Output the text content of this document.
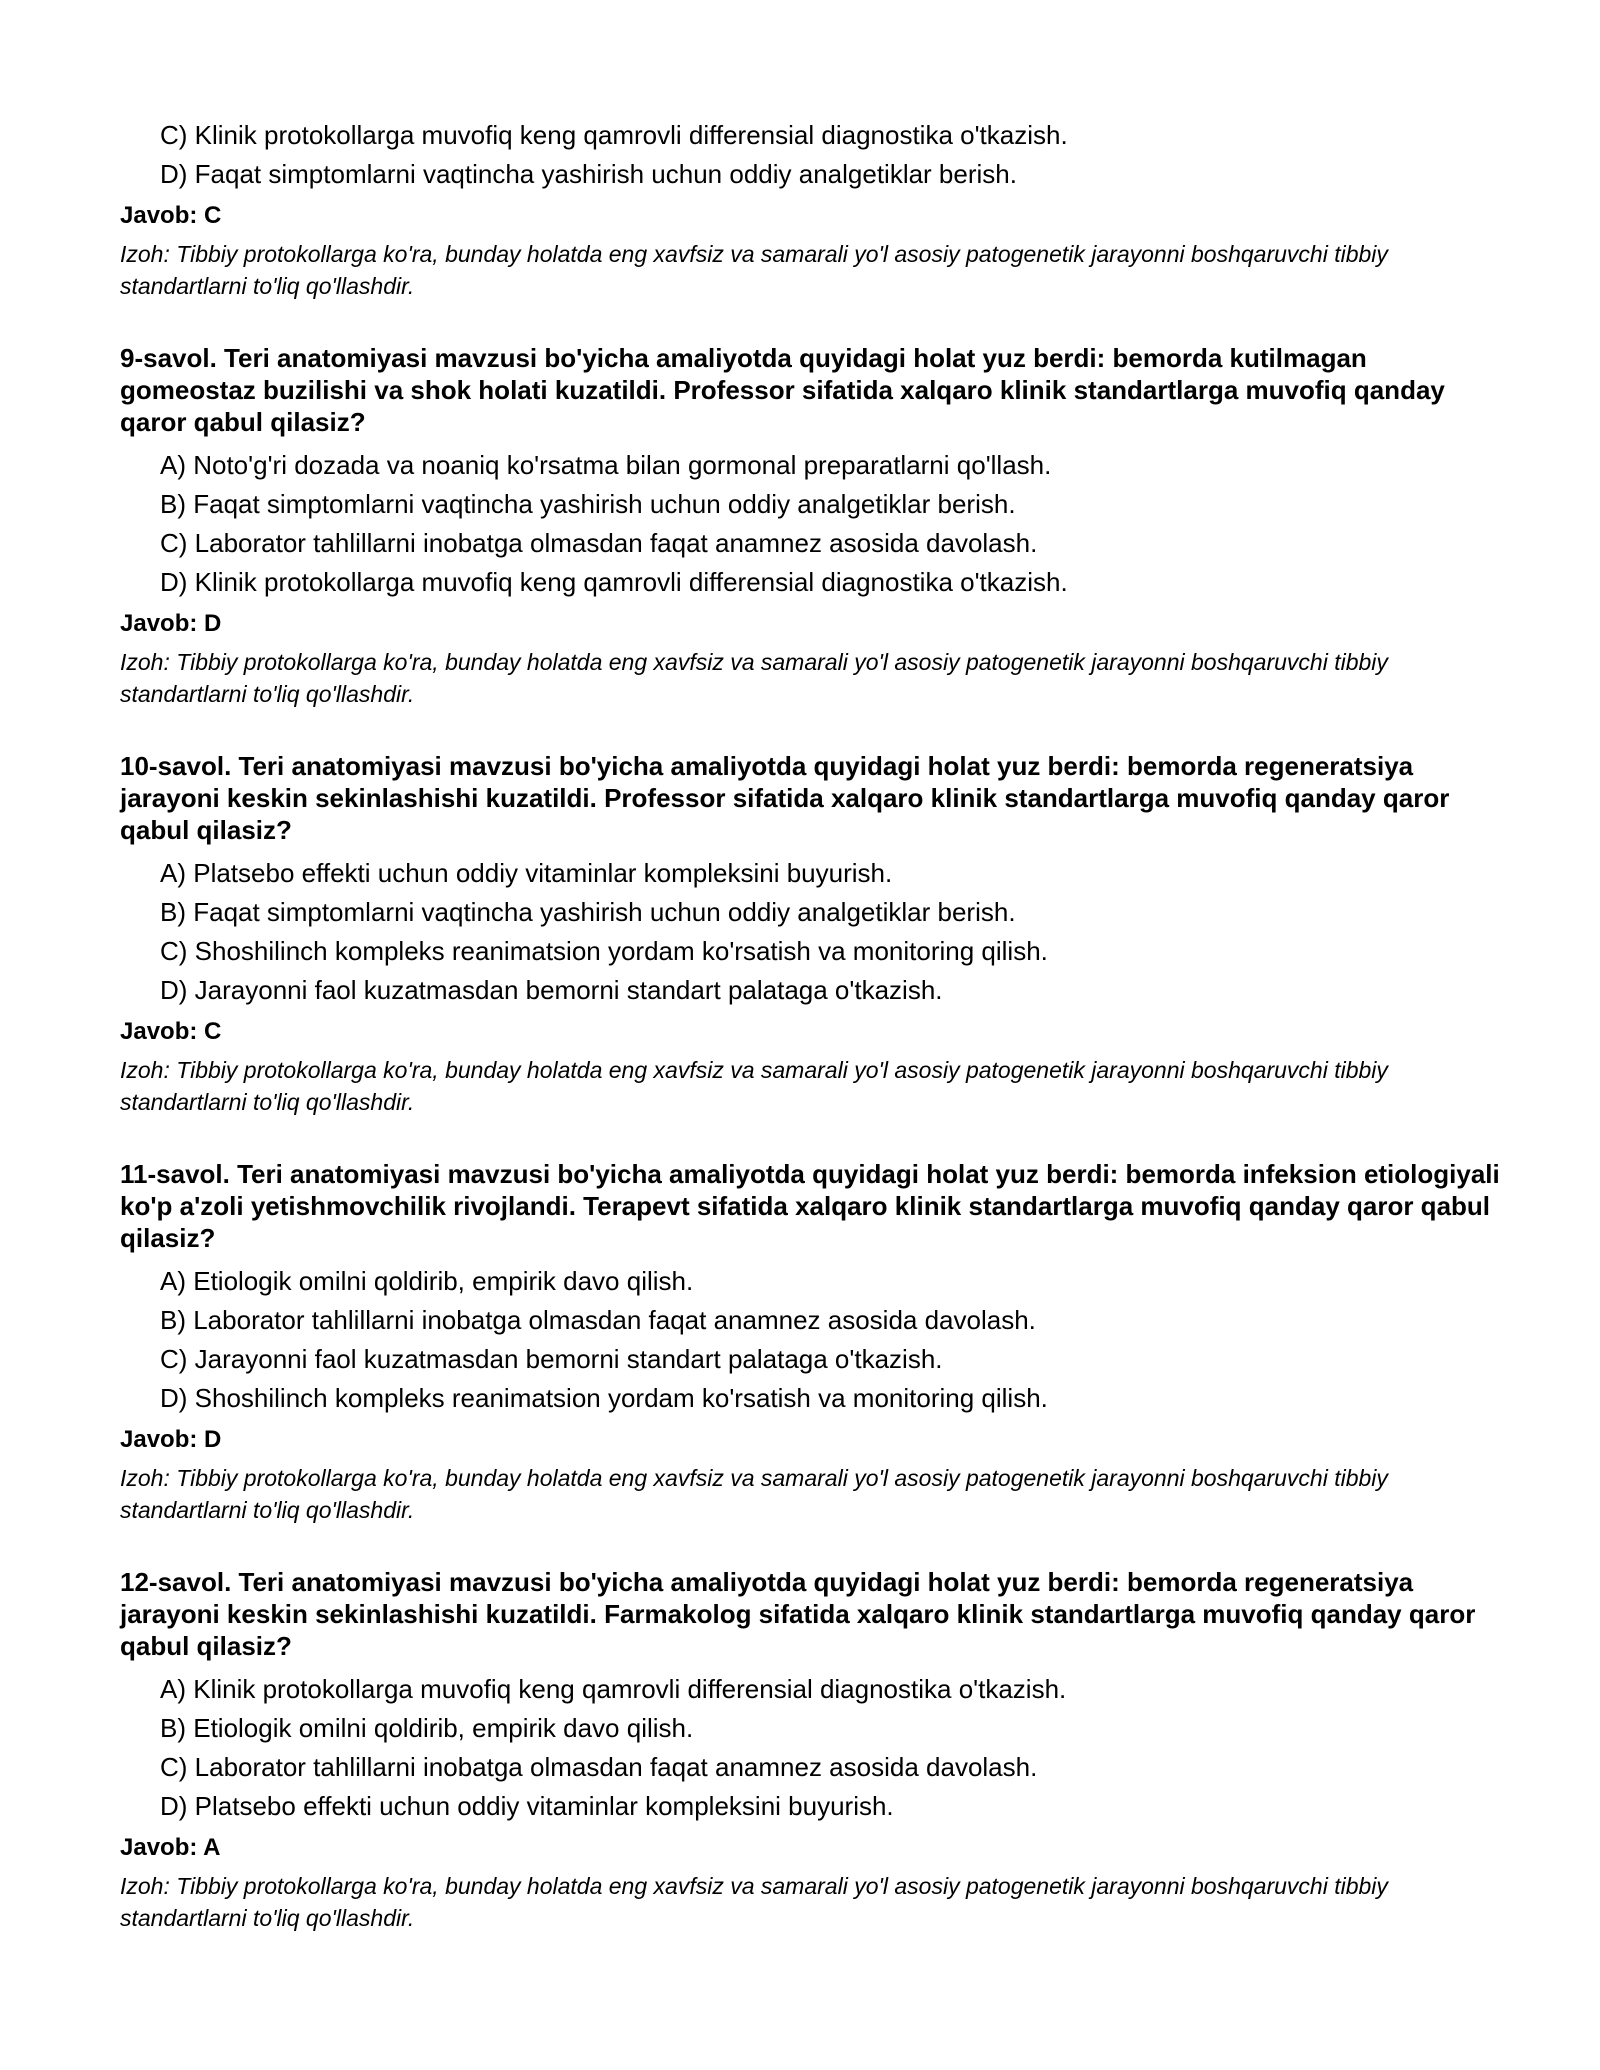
C) Klinik protokollarga muvofiq keng qamrovli differensial diagnostika o'tkazish.
D) Faqat simptomlarni vaqtincha yashirish uchun oddiy analgetiklar berish.
Javob: C
Izoh: Tibbiy protokollarga ko'ra, bunday holatda eng xavfsiz va samarali yo'l asosiy patogenetik jarayonni boshqaruvchi tibbiy standartlarni to'liq qo'llashdir.
9-savol. Teri anatomiyasi mavzusi bo'yicha amaliyotda quyidagi holat yuz berdi: bemorda kutilmagan gomeostaz buzilishi va shok holati kuzatildi. Professor sifatida xalqaro klinik standartlarga muvofiq qanday qaror qabul qilasiz?
A) Noto'g'ri dozada va noaniq ko'rsatma bilan gormonal preparatlarni qo'llash.
B) Faqat simptomlarni vaqtincha yashirish uchun oddiy analgetiklar berish.
C) Laborator tahlillarni inobatga olmasdan faqat anamnez asosida davolash.
D) Klinik protokollarga muvofiq keng qamrovli differensial diagnostika o'tkazish.
Javob: D
Izoh: Tibbiy protokollarga ko'ra, bunday holatda eng xavfsiz va samarali yo'l asosiy patogenetik jarayonni boshqaruvchi tibbiy standartlarni to'liq qo'llashdir.
10-savol. Teri anatomiyasi mavzusi bo'yicha amaliyotda quyidagi holat yuz berdi: bemorda regeneratsiya jarayoni keskin sekinlashishi kuzatildi. Professor sifatida xalqaro klinik standartlarga muvofiq qanday qaror qabul qilasiz?
A) Platsebo effekti uchun oddiy vitaminlar kompleksini buyurish.
B) Faqat simptomlarni vaqtincha yashirish uchun oddiy analgetiklar berish.
C) Shoshilinch kompleks reanimatsion yordam ko'rsatish va monitoring qilish.
D) Jarayonni faol kuzatmasdan bemorni standart palataga o'tkazish.
Javob: C
Izoh: Tibbiy protokollarga ko'ra, bunday holatda eng xavfsiz va samarali yo'l asosiy patogenetik jarayonni boshqaruvchi tibbiy standartlarni to'liq qo'llashdir.
11-savol. Teri anatomiyasi mavzusi bo'yicha amaliyotda quyidagi holat yuz berdi: bemorda infeksion etiologiyali ko'p a'zoli yetishmovchilik rivojlandi. Terapevt sifatida xalqaro klinik standartlarga muvofiq qanday qaror qabul qilasiz?
A) Etiologik omilni qoldirib, empirik davo qilish.
B) Laborator tahlillarni inobatga olmasdan faqat anamnez asosida davolash.
C) Jarayonni faol kuzatmasdan bemorni standart palataga o'tkazish.
D) Shoshilinch kompleks reanimatsion yordam ko'rsatish va monitoring qilish.
Javob: D
Izoh: Tibbiy protokollarga ko'ra, bunday holatda eng xavfsiz va samarali yo'l asosiy patogenetik jarayonni boshqaruvchi tibbiy standartlarni to'liq qo'llashdir.
12-savol. Teri anatomiyasi mavzusi bo'yicha amaliyotda quyidagi holat yuz berdi: bemorda regeneratsiya jarayoni keskin sekinlashishi kuzatildi. Farmakolog sifatida xalqaro klinik standartlarga muvofiq qanday qaror qabul qilasiz?
A) Klinik protokollarga muvofiq keng qamrovli differensial diagnostika o'tkazish.
B) Etiologik omilni qoldirib, empirik davo qilish.
C) Laborator tahlillarni inobatga olmasdan faqat anamnez asosida davolash.
D) Platsebo effekti uchun oddiy vitaminlar kompleksini buyurish.
Javob: A
Izoh: Tibbiy protokollarga ko'ra, bunday holatda eng xavfsiz va samarali yo'l asosiy patogenetik jarayonni boshqaruvchi tibbiy standartlarni to'liq qo'llashdir.
